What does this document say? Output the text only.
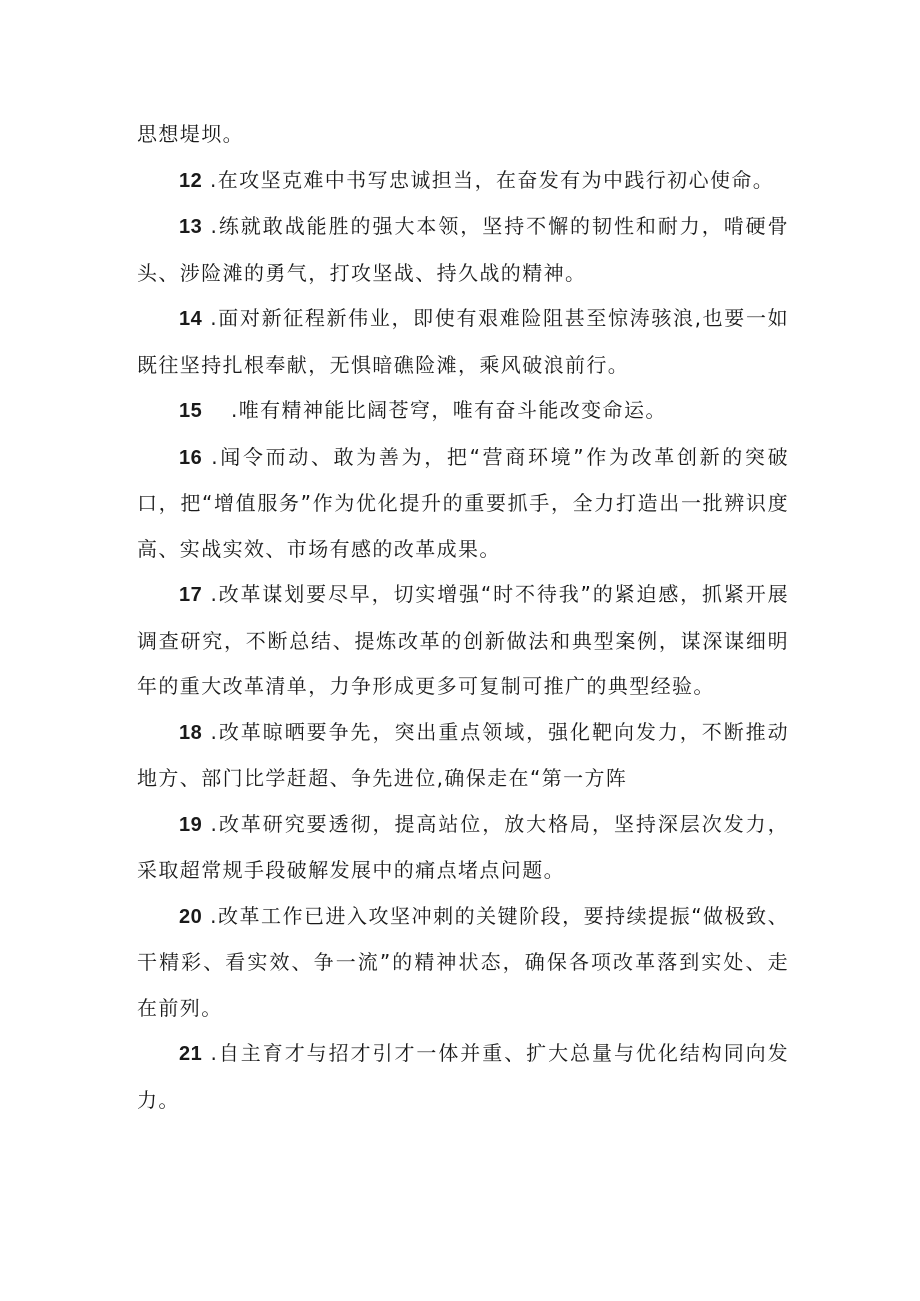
思想堤坝。

12 .在攻坚克难中书写忠诚担当，在奋发有为中践行初心使命。

13 .练就敢战能胜的强大本领，坚持不懈的韧性和耐力，啃硬骨头、涉险滩的勇气，打攻坚战、持久战的精神。

14 .面对新征程新伟业，即使有艰难险阻甚至惊涛骇浪,也要一如既往坚持扎根奉献，无惧暗礁险滩，乘风破浪前行。

15 .唯有精神能比阔苍穹，唯有奋斗能改变命运。

16 .闻令而动、敢为善为，把“营商环境”作为改革创新的突破口，把“增值服务”作为优化提升的重要抓手，全力打造出一批辨识度高、实战实效、市场有感的改革成果。

17 .改革谋划要尽早，切实增强“时不待我”的紧迫感，抓紧开展调查研究，不断总结、提炼改革的创新做法和典型案例，谋深谋细明年的重大改革清单，力争形成更多可复制可推广的典型经验。

18 .改革晾晒要争先，突出重点领域，强化靶向发力，不断推动地方、部门比学赶超、争先进位,确保走在“第一方阵

19 .改革研究要透彻，提高站位，放大格局，坚持深层次发力，采取超常规手段破解发展中的痛点堵点问题。

20 .改革工作已进入攻坚冲刺的关键阶段，要持续提振“做极致、干精彩、看实效、争一流”的精神状态，确保各项改革落到实处、走在前列。

21 .自主育才与招才引才一体并重、扩大总量与优化结构同向发力。
